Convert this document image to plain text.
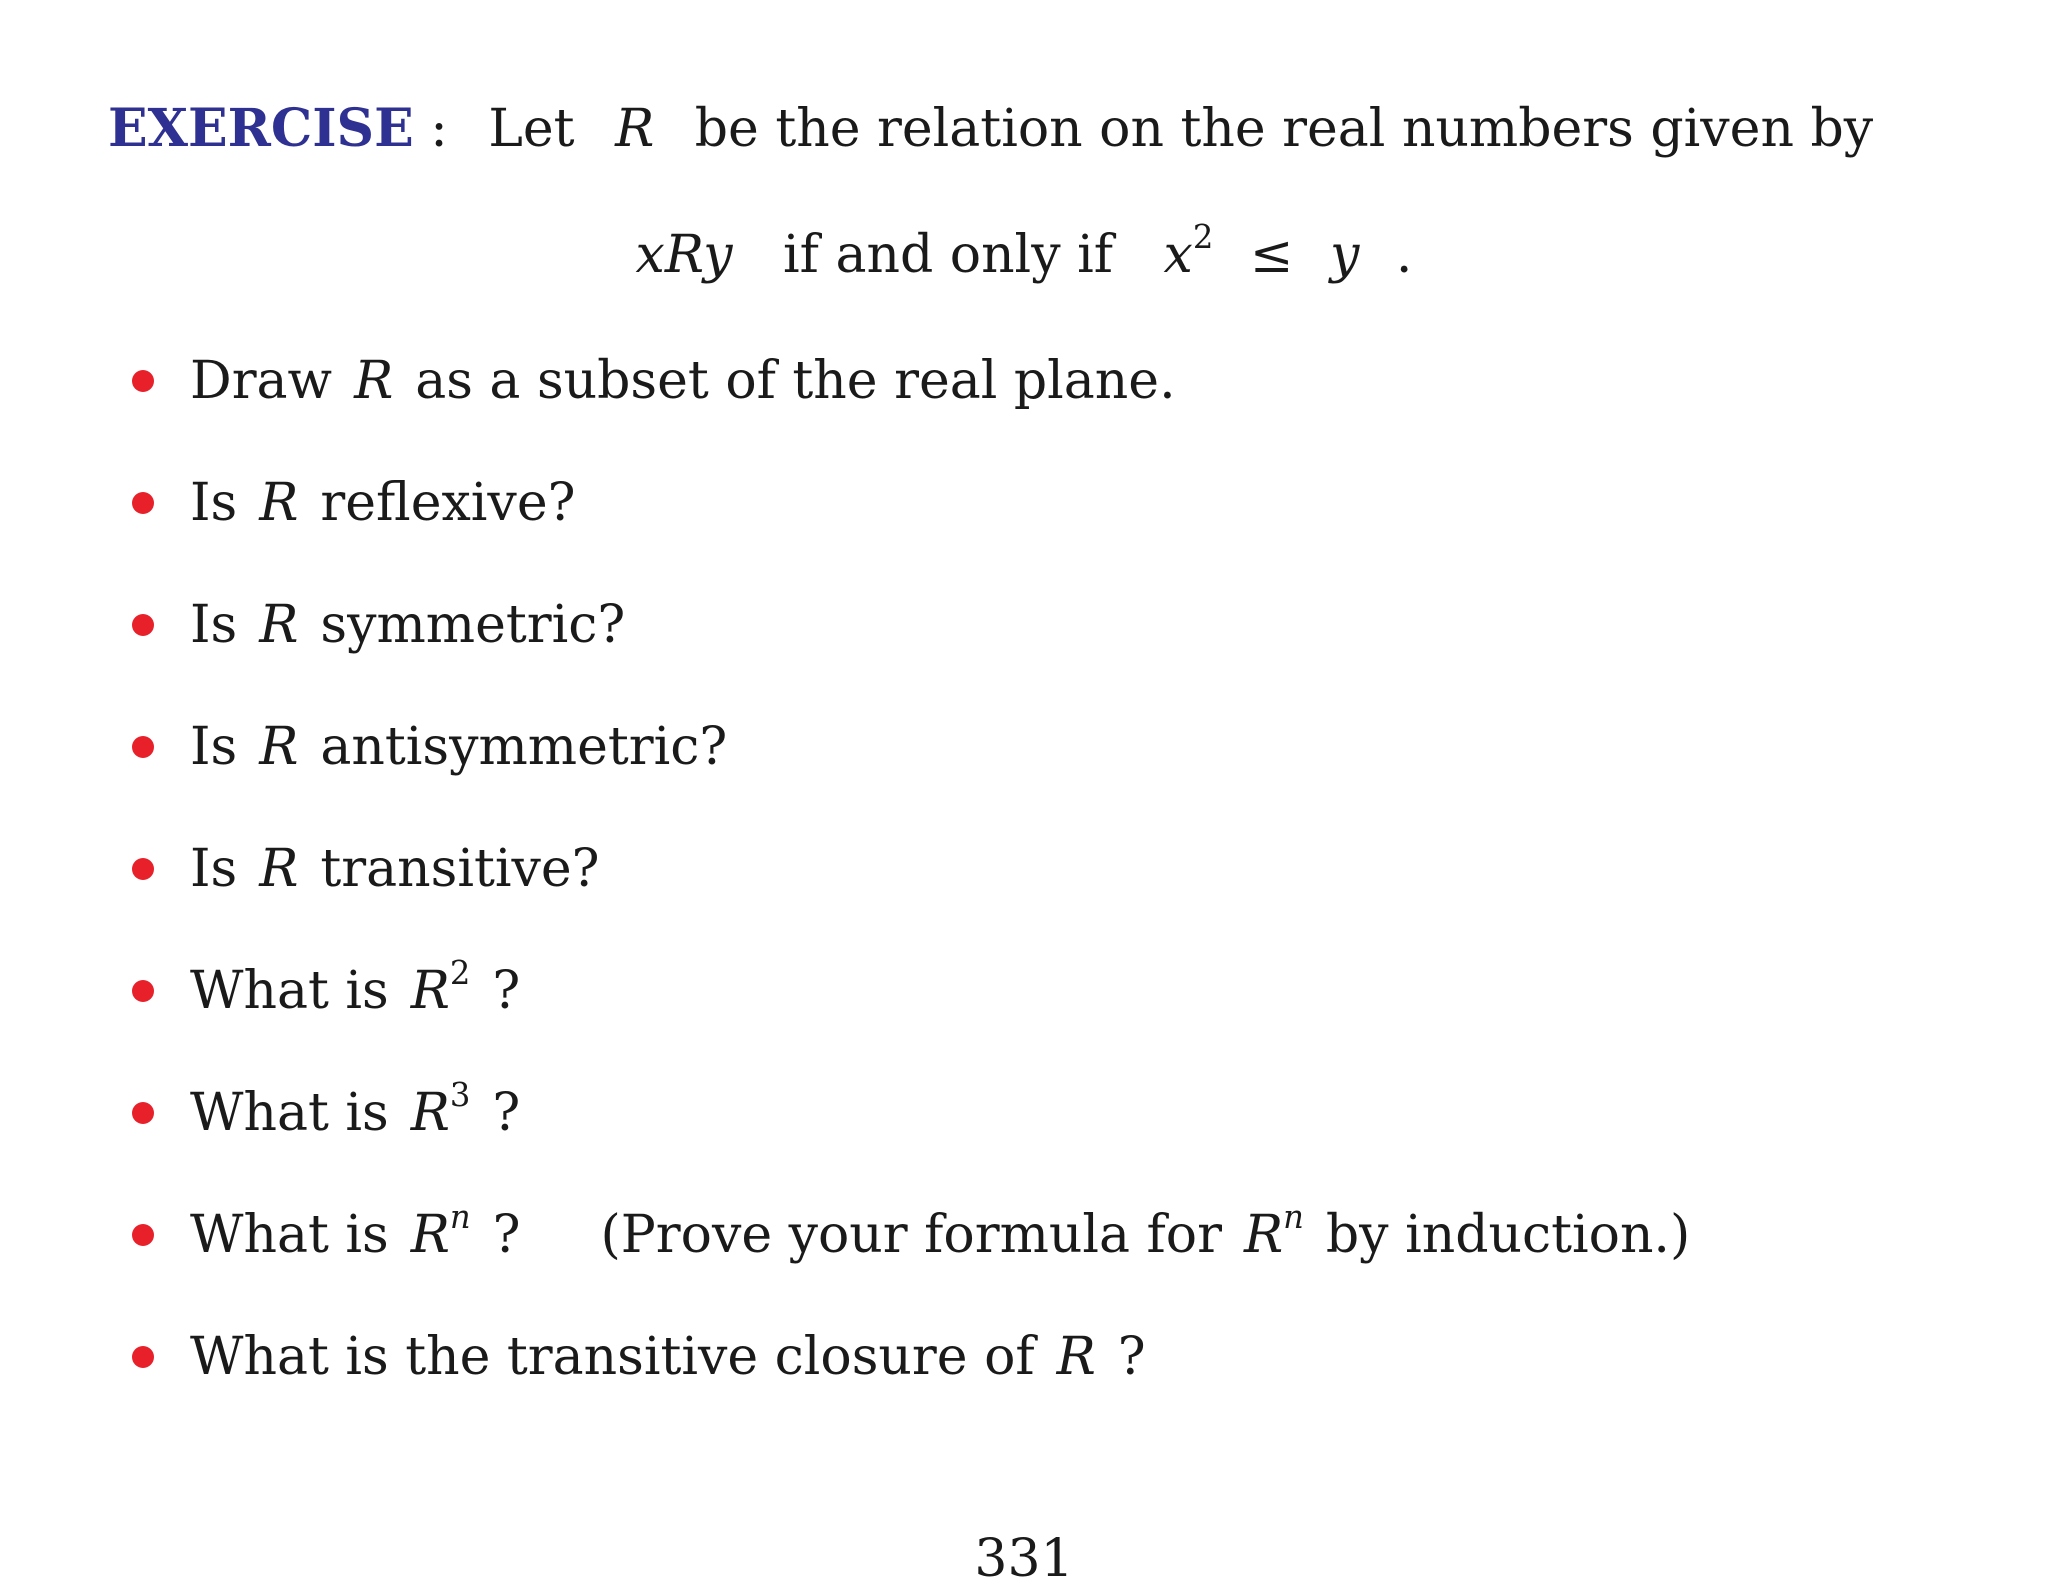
EXERCISE : Let R be the relation on the real numbers given by
xRy if and only if $x^2 \le y$ .
Draw R as a subset of the real plane.
Is R reflexive?
Is R symmetric?
Is R antisymmetric?
Is R transitive?
What is $R^2$ ?
What is $R^3$ ?
What is $R^n$ ? (Prove your formula for $R^n$ by induction.)
What is the transitive closure of R ?
331
